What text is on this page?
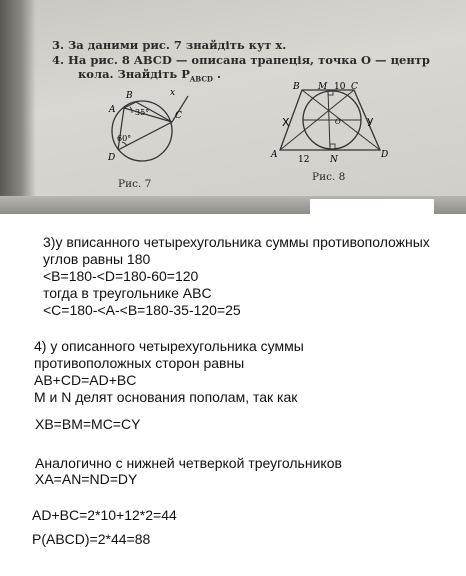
3. За даними рис. 7 знайдіть кут x.
4. На рис. 8 ABCD — описана трапеція, точка O — центр
кола. Знайдіть $P_{ABCD}$ .
B
A
C
D
x
35°
60°
Рис. 7
B M 10 C
X	y
O
A 12 N	D
Рис. 8
3)у вписанного четырехугольника суммы противоположных
углов равны 180
<B=180-<D=180-60=120
тогда в треугольнике ABC
<C=180-<A-<B=180-35-120=25
4) у описанного четырехугольника суммы
противоположных сторон равны
AB+CD=AD+BC
M и N делят основания пополам, так как
XB=BM=MC=CY
Аналогично с нижней четверкой треугольников
XA=AN=ND=DY
AD+BC=2*10+12*2=44
P(ABCD)=2*44=88
